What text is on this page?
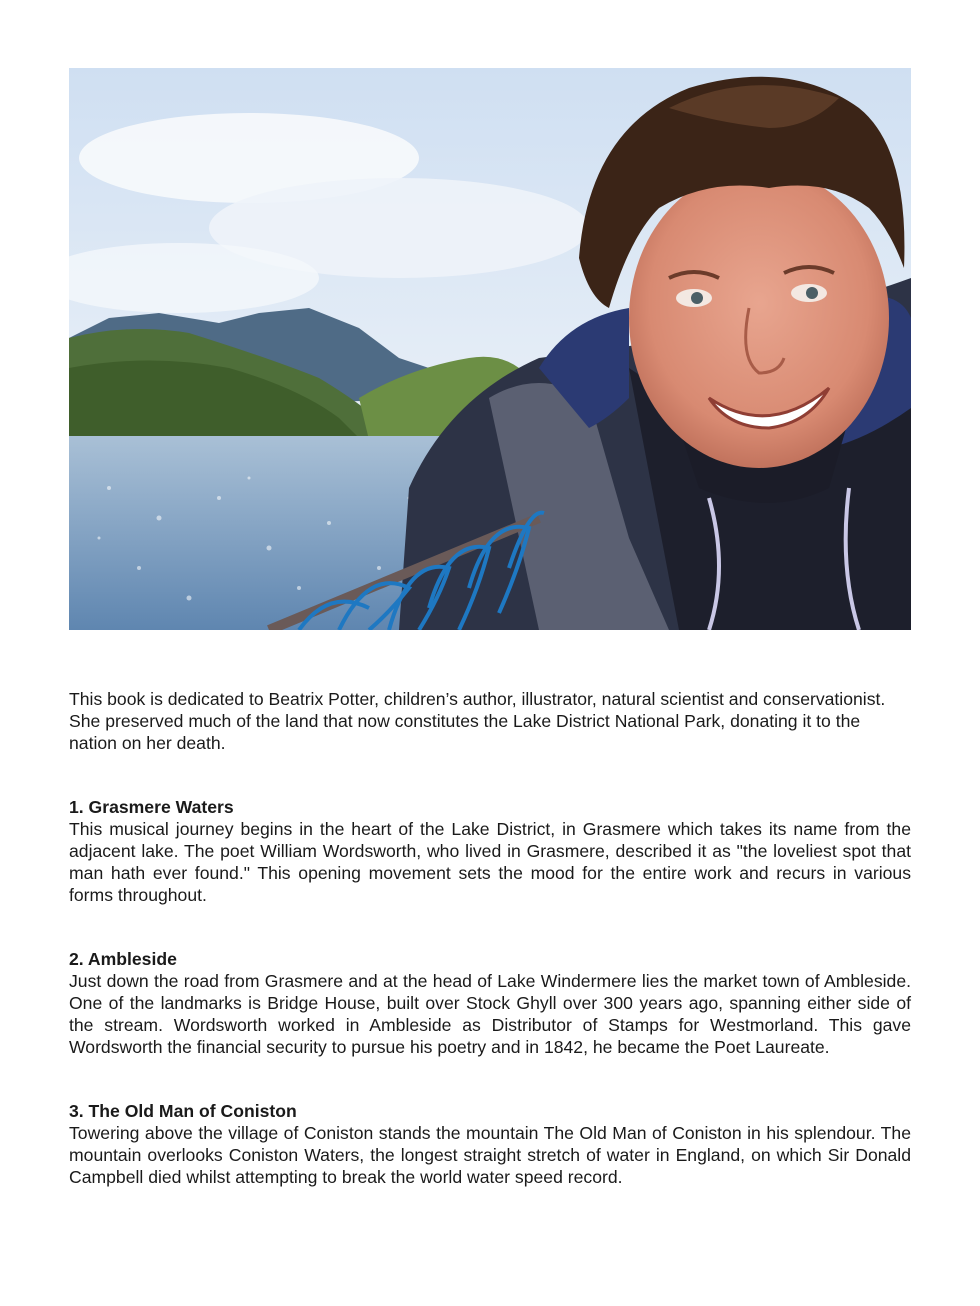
This book is dedicated to Beatrix Potter, children’s author, illustrator, natural scientist and conservationist. She preserved much of the land that now constitutes the Lake District National Park, donating it to the nation on her death.

1. Grasmere Waters

This musical journey begins in the heart of the Lake District, in Grasmere which takes its name from the adjacent lake. The poet William Wordsworth, who lived in Grasmere, described it as "the loveliest spot that man hath ever found." This opening movement sets the mood for the entire work and recurs in various forms throughout.

2. Ambleside

Just down the road from Grasmere and at the head of Lake Windermere lies the market town of Ambleside. One of the landmarks is Bridge House, built over Stock Ghyll over 300 years ago, spanning either side of the stream. Wordsworth worked in Ambleside as Distributor of Stamps for Westmorland. This gave Wordsworth the financial security to pursue his poetry and in 1842, he became the Poet Laureate.

3. The Old Man of Coniston

Towering above the village of Coniston stands the mountain The Old Man of Coniston in his splendour. The mountain overlooks Coniston Waters, the longest straight stretch of water in England, on which Sir Donald Campbell died whilst attempting to break the world water speed record.
